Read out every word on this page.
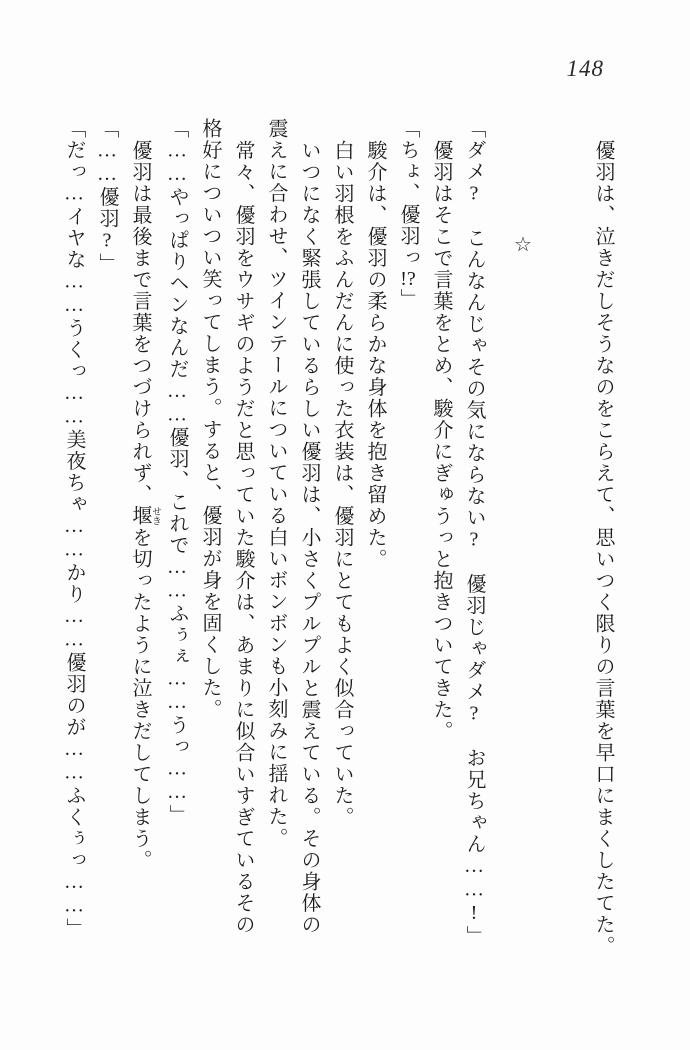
148

優羽は、泣きだしそうなのをこらえて、思いつく限りの言葉を早口にまくしたてた。

☆

「ダメ?　こんなんじゃその気にならない?　優羽じゃダメ?　お兄ちゃん……!」

優羽はそこで言葉をとめ、駿介にぎゅうっと抱きついてきた。

「ちょ、優羽っ!?」

駿介は、優羽の柔らかな身体を抱き留めた。

白い羽根をふんだんに使った衣装は、優羽にとてもよく似合っていた。

いつになく緊張しているらしい優羽は、小さくプルプルと震えている。その身体の

震えに合わせ、ツインテールについている白いボンボンも小刻みに揺れた。

常々、優羽をウサギのようだと思っていた駿介は、あまりに似合いすぎているその

格好についつい笑ってしまう。すると、優羽が身を固くした。

「……やっぱりヘンなんだ……優羽、これで……ふぅぇ……うっ……」

優羽は最後まで言葉をつづけられず、堰 せきを切ったように泣きだしてしまう。

「……優羽?」

「だっ…イヤな……うくっ……美夜ちゃ……かり……優羽のが……ふくぅっ……」
